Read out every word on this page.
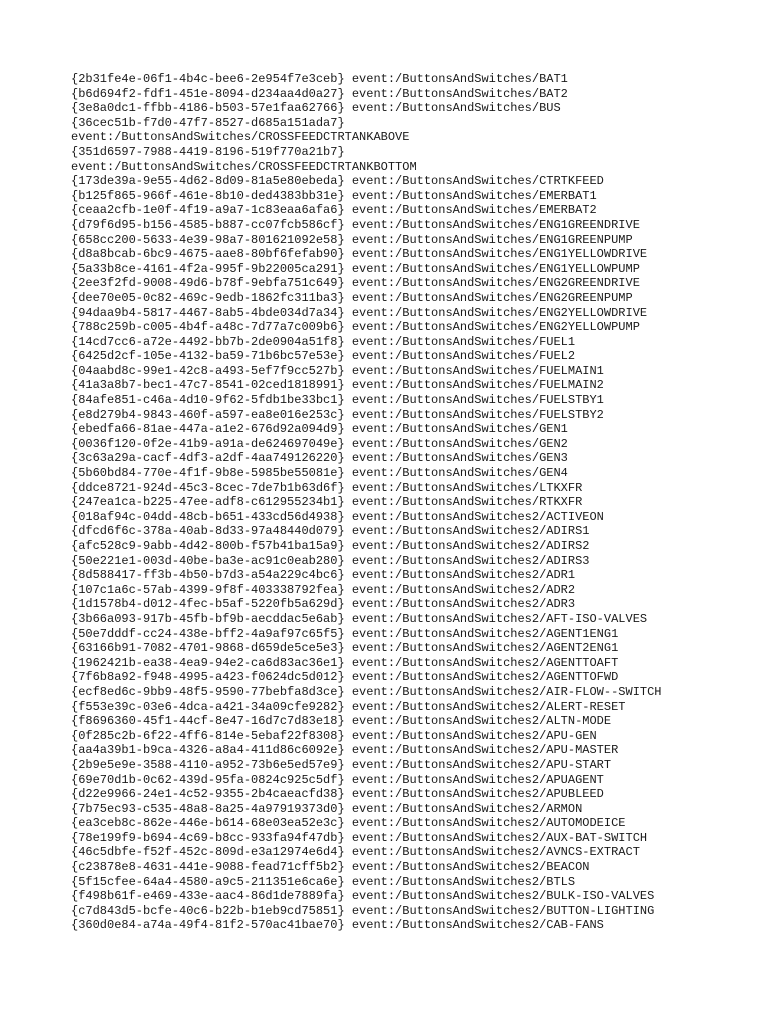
{2b31fe4e-06f1-4b4c-bee6-2e954f7e3ceb} event:/ButtonsAndSwitches/BAT1
{b6d694f2-fdf1-451e-8094-d234aa4d0a27} event:/ButtonsAndSwitches/BAT2
{3e8a0dc1-ffbb-4186-b503-57e1faa62766} event:/ButtonsAndSwitches/BUS
{36cec51b-f7d0-47f7-8527-d685a151ada7}
event:/ButtonsAndSwitches/CROSSFEEDCTRTANKABOVE
{351d6597-7988-4419-8196-519f770a21b7}
event:/ButtonsAndSwitches/CROSSFEEDCTRTANKBOTTOM
{173de39a-9e55-4d62-8d09-81a5e80ebeda} event:/ButtonsAndSwitches/CTRTKFEED
{b125f865-966f-461e-8b10-ded4383bb31e} event:/ButtonsAndSwitches/EMERBAT1
{ceaa2cfb-1e0f-4f19-a9a7-1c83eaa6afa6} event:/ButtonsAndSwitches/EMERBAT2
{d79f6d95-b156-4585-b887-cc07fcb586cf} event:/ButtonsAndSwitches/ENG1GREENDRIVE
{658cc200-5633-4e39-98a7-801621092e58} event:/ButtonsAndSwitches/ENG1GREENPUMP
{d8a8bcab-6bc9-4675-aae8-80bf6fefab90} event:/ButtonsAndSwitches/ENG1YELLOWDRIVE
{5a33b8ce-4161-4f2a-995f-9b22005ca291} event:/ButtonsAndSwitches/ENG1YELLOWPUMP
{2ee3f2fd-9008-49d6-b78f-9ebfa751c649} event:/ButtonsAndSwitches/ENG2GREENDRIVE
{dee70e05-0c82-469c-9edb-1862fc311ba3} event:/ButtonsAndSwitches/ENG2GREENPUMP
{94daa9b4-5817-4467-8ab5-4bde034d7a34} event:/ButtonsAndSwitches/ENG2YELLOWDRIVE
{788c259b-c005-4b4f-a48c-7d77a7c009b6} event:/ButtonsAndSwitches/ENG2YELLOWPUMP
{14cd7cc6-a72e-4492-bb7b-2de0904a51f8} event:/ButtonsAndSwitches/FUEL1
{6425d2cf-105e-4132-ba59-71b6bc57e53e} event:/ButtonsAndSwitches/FUEL2
{04aabd8c-99e1-42c8-a493-5ef7f9cc527b} event:/ButtonsAndSwitches/FUELMAIN1
{41a3a8b7-bec1-47c7-8541-02ced1818991} event:/ButtonsAndSwitches/FUELMAIN2
{84afe851-c46a-4d10-9f62-5fdb1be33bc1} event:/ButtonsAndSwitches/FUELSTBY1
{e8d279b4-9843-460f-a597-ea8e016e253c} event:/ButtonsAndSwitches/FUELSTBY2
{ebedfa66-81ae-447a-a1e2-676d92a094d9} event:/ButtonsAndSwitches/GEN1
{0036f120-0f2e-41b9-a91a-de624697049e} event:/ButtonsAndSwitches/GEN2
{3c63a29a-cacf-4df3-a2df-4aa749126220} event:/ButtonsAndSwitches/GEN3
{5b60bd84-770e-4f1f-9b8e-5985be55081e} event:/ButtonsAndSwitches/GEN4
{ddce8721-924d-45c3-8cec-7de7b1b63d6f} event:/ButtonsAndSwitches/LTKXFR
{247ea1ca-b225-47ee-adf8-c612955234b1} event:/ButtonsAndSwitches/RTKXFR
{018af94c-04dd-48cb-b651-433cd56d4938} event:/ButtonsAndSwitches2/ACTIVEON
{dfcd6f6c-378a-40ab-8d33-97a48440d079} event:/ButtonsAndSwitches2/ADIRS1
{afc528c9-9abb-4d42-800b-f57b41ba15a9} event:/ButtonsAndSwitches2/ADIRS2
{50e221e1-003d-40be-ba3e-ac91c0eab280} event:/ButtonsAndSwitches2/ADIRS3
{8d588417-ff3b-4b50-b7d3-a54a229c4bc6} event:/ButtonsAndSwitches2/ADR1
{107c1a6c-57ab-4399-9f8f-403338792fea} event:/ButtonsAndSwitches2/ADR2
{1d1578b4-d012-4fec-b5af-5220fb5a629d} event:/ButtonsAndSwitches2/ADR3
{3b66a093-917b-45fb-bf9b-aecddac5e6ab} event:/ButtonsAndSwitches2/AFT-ISO-VALVES
{50e7dddf-cc24-438e-bff2-4a9af97c65f5} event:/ButtonsAndSwitches2/AGENT1ENG1
{63166b91-7082-4701-9868-d659de5ce5e3} event:/ButtonsAndSwitches2/AGENT2ENG1
{1962421b-ea38-4ea9-94e2-ca6d83ac36e1} event:/ButtonsAndSwitches2/AGENTTOAFT
{7f6b8a92-f948-4995-a423-f0624dc5d012} event:/ButtonsAndSwitches2/AGENTTOFWD
{ecf8ed6c-9bb9-48f5-9590-77bebfa8d3ce} event:/ButtonsAndSwitches2/AIR-FLOW--SWITCH
{f553e39c-03e6-4dca-a421-34a09cfe9282} event:/ButtonsAndSwitches2/ALERT-RESET
{f8696360-45f1-44cf-8e47-16d7c7d83e18} event:/ButtonsAndSwitches2/ALTN-MODE
{0f285c2b-6f22-4ff6-814e-5ebaf22f8308} event:/ButtonsAndSwitches2/APU-GEN
{aa4a39b1-b9ca-4326-a8a4-411d86c6092e} event:/ButtonsAndSwitches2/APU-MASTER
{2b9e5e9e-3588-4110-a952-73b6e5ed57e9} event:/ButtonsAndSwitches2/APU-START
{69e70d1b-0c62-439d-95fa-0824c925c5df} event:/ButtonsAndSwitches2/APUAGENT
{d22e9966-24e1-4c52-9355-2b4caeacfd38} event:/ButtonsAndSwitches2/APUBLEED
{7b75ec93-c535-48a8-8a25-4a97919373d0} event:/ButtonsAndSwitches2/ARMON
{ea3ceb8c-862e-446e-b614-68e03ea52e3c} event:/ButtonsAndSwitches2/AUTOMODEICE
{78e199f9-b694-4c69-b8cc-933fa94f47db} event:/ButtonsAndSwitches2/AUX-BAT-SWITCH
{46c5dbfe-f52f-452c-809d-e3a12974e6d4} event:/ButtonsAndSwitches2/AVNCS-EXTRACT
{c23878e8-4631-441e-9088-fead71cff5b2} event:/ButtonsAndSwitches2/BEACON
{5f15cfee-64a4-4580-a9c5-211351e6ca6e} event:/ButtonsAndSwitches2/BTLS
{f498b61f-e469-433e-aac4-86d1de7889fa} event:/ButtonsAndSwitches2/BULK-ISO-VALVES
{c7d843d5-bcfe-40c6-b22b-b1eb9cd75851} event:/ButtonsAndSwitches2/BUTTON-LIGHTING
{360d0e84-a74a-49f4-81f2-570ac41bae70} event:/ButtonsAndSwitches2/CAB-FANS
